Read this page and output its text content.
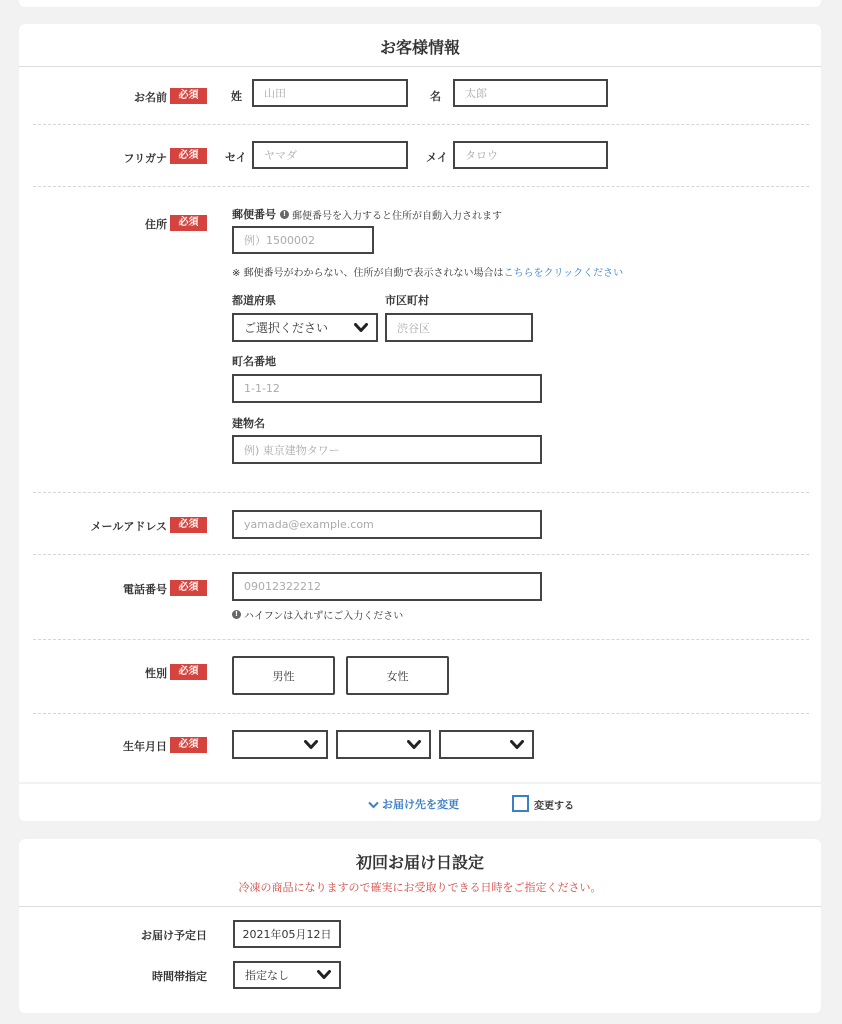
お客様情報
お名前	必須	姓	山田	名	太郎
フリガナ	必須	セイ	ヤマダ	メイ	タロウ
住所	必須
郵便番号 ! 郵便番号を入力すると住所が自動入力されます
例）1500002
※ 郵便番号がわからない、住所が自動で表示されない場合はこちらをクリックください
都道府県	市区町村
ご選択ください	渋谷区
町名番地
1-1-12
建物名
例) 東京建物タワー
メールアドレス	必須	yamada@example.com
電話番号	必須	09012322212
! ハイフンは入れずにご入力ください
性別	必須	男性	女性
生年月日	必須
お届け先を変更	変更する
初回お届け日設定
冷凍の商品になりますので確実にお受取りできる日時をご指定ください。
お届け予定日	2021年05月12日
時間帯指定	指定なし
